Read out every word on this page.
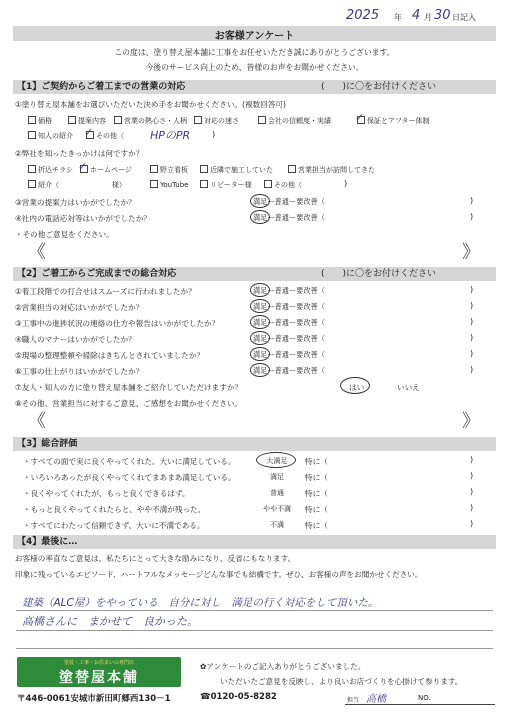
2025 年 4 月 30 日記入
お客様アンケート
この度は、塗り替え屋本舗に工事をお任せいただき誠にありがとうございます。
今後のサービス向上のため、皆様のお声をお聞かせください。
【1】ご契約からご着工までの営業の対応	(　　)に〇をお付けください
①塗り替え屋本舗をお選びいただいた決め手をお聞かせください。(複数回答可)
価格	提案内容	営業の熱心さ・人柄	対応の速さ	会社の信頼度・実績	保証とアフター体制
✓
知人の紹介	その他（
✓	HPのPR	)
②弊社を知ったきっかけは何ですか？
折込チラシ	ホームページ
✓	野立看板	近隣で施工していた	営業担当が訪問してきた
紹介（	様）	YouTube	リピーター様	その他（	)
③営業の提案力はいかがでしたか？	満足ー普通ー要改善（	)
④社内の電話応対等はいかがでしたか？	満足ー普通ー要改善（	)
・その他ご意見をください。
《	》
【2】ご着工からご完成までの総合対応	(　　)に〇をお付けください
①着工段階での打合せはスムーズに行われましたか？	満足ー普通ー要改善（	)
②営業担当の対応はいかがでしたか？	満足ー普通ー要改善（	)
③工事中の進捗状況の連絡の仕方や報告はいかがでしたか？	満足ー普通ー要改善（	)
④職人のマナーはいかがでしたか？	満足ー普通ー要改善（	)
⑤現場の整理整頓や掃除はきちんとされていましたか？	満足ー普通ー要改善（	)
⑥工事の仕上がりはいかがでしたか？	満足ー普通ー要改善（	)
⑦友人・知人の方に塗り替え屋本舗をご紹介していただけますか？	はい	いいえ
⑧その他、営業担当に対するご意見、ご感想をお聞かせください。
《	》
【3】総合評価
・すべての面で実に良くやってくれた。大いに満足している。	大満足	特に（	)
・いろいろあったが良くやってくれてまあまあ満足している。	満足	特に（	)
・良くやってくれたが、もっと良くできるはず。	普通	特に（	)
・もっと良くやってくれたらと、やや不満が残った。	やや不満	特に（	)
・すべてにわたって信頼できず、大いに不満である。	不満	特に（	)
【4】最後に…
お客様の率直なご意見は、私たちにとって大きな励みになり、反省にもなります。
印象に残っているエピソード、ハートフルなメッセージどんな事でも結構です。ぜひ、お客様の声をお聞かせください。
建築（ALC屋）をやっている　自分に対し　満足の行く対応をして頂いた。
高橋さんに　まかせて　良かった。
塗装・工事・お住まいの専門店
塗替屋本舗
〒446-0061安城市新田町郷西130－1	☎0120-05-8282
✿アンケートのご記入ありがとうございました。
いただいたご意見を反映し、より良いお店づくりを心掛けて参ります。
担当 高橋	NO.
